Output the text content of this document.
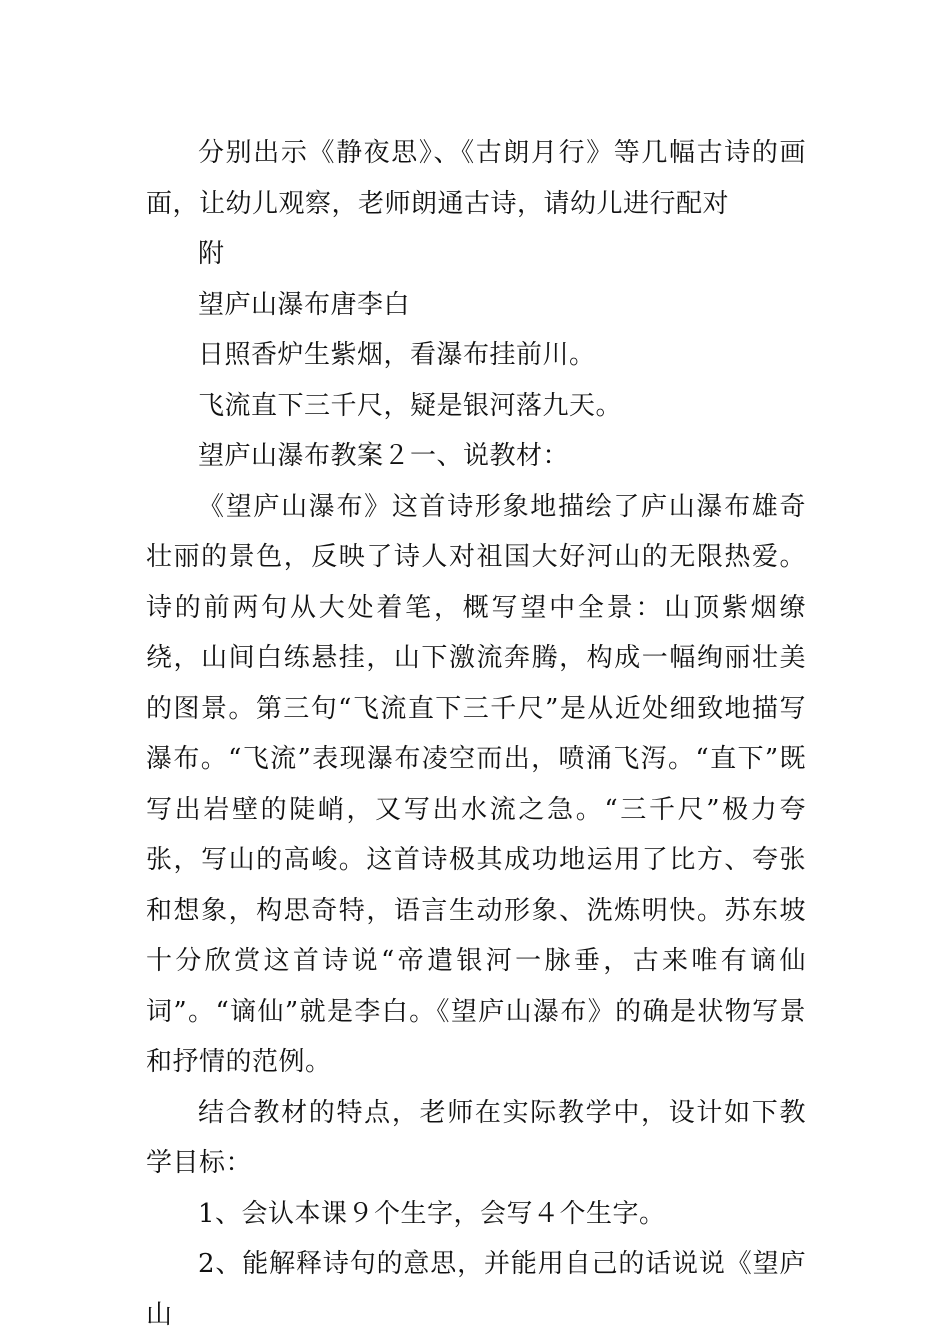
分别出示《静夜思》、《古朗月行》等几幅古诗的画面，让幼儿观察，老师朗通古诗，请幼儿进行配对

附

望庐山瀑布唐李白

日照香炉生紫烟，看瀑布挂前川。

飞流直下三千尺，疑是银河落九天。

望庐山瀑布教案２一、说教材：

《望庐山瀑布》这首诗形象地描绘了庐山瀑布雄奇壮丽的景色，反映了诗人对祖国大好河山的无限热爱。诗的前两句从大处着笔，概写望中全景：山顶紫烟缭绕，山间白练悬挂，山下激流奔腾，构成一幅绚丽壮美的图景。第三句“飞流直下三千尺”是从近处细致地描写瀑布。“飞流”表现瀑布凌空而出，喷涌飞泻。“直下”既写出岩壁的陡峭，又写出水流之急。“三千尺”极力夸张，写山的高峻。这首诗极其成功地运用了比方、夸张和想象，构思奇特，语言生动形象、洗炼明快。苏东坡十分欣赏这首诗说“帝遣银河一脉垂，古来唯有谪仙词”。“谪仙”就是李白。《望庐山瀑布》的确是状物写景和抒情的范例。

结合教材的特点，老师在实际教学中，设计如下教学目标：

1、会认本课９个生字，会写４个生字。

2、能解释诗句的意思，并能用自己的话说说《望庐山
